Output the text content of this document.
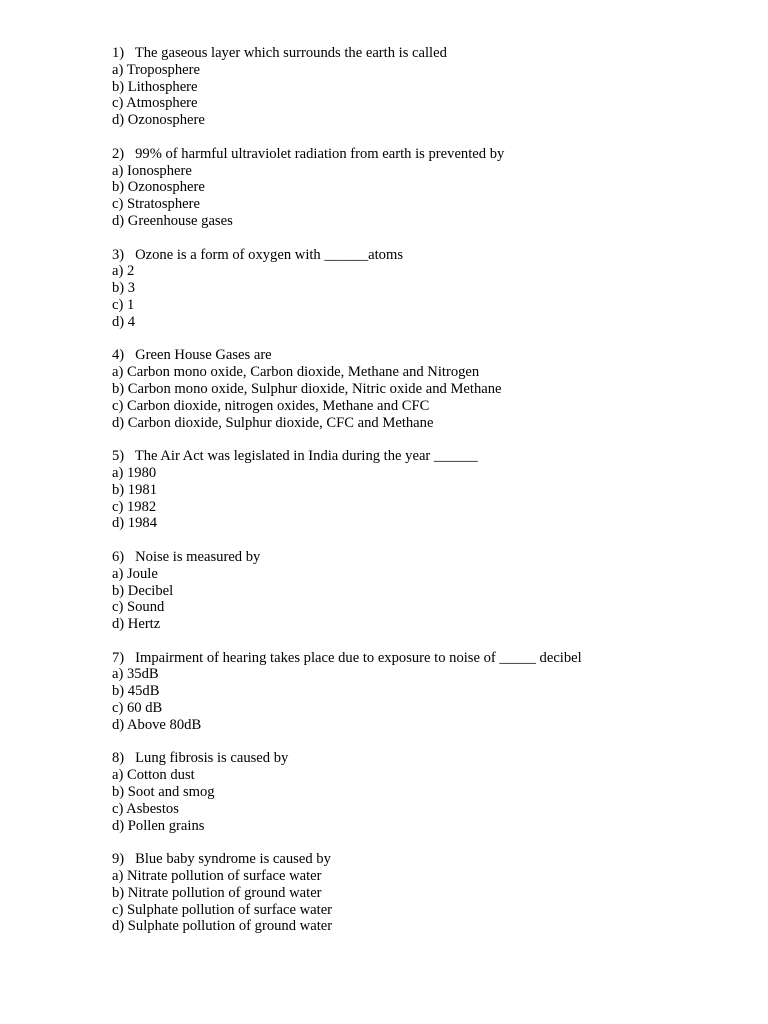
1)   The gaseous layer which surrounds the earth is called
a) Troposphere
b) Lithosphere
c) Atmosphere
d) Ozonosphere
2)   99% of harmful ultraviolet radiation from earth is prevented by
a) Ionosphere
b) Ozonosphere
c) Stratosphere
d) Greenhouse gases
3)   Ozone is a form of oxygen with ______atoms
a) 2
b) 3
c) 1
d) 4
4)   Green House Gases are
a) Carbon mono oxide, Carbon dioxide, Methane and Nitrogen
b) Carbon mono oxide, Sulphur dioxide, Nitric oxide and Methane
c) Carbon dioxide, nitrogen oxides, Methane and CFC
d) Carbon dioxide, Sulphur dioxide, CFC and Methane
5)   The Air Act was legislated in India during the year ______
a) 1980
b) 1981
c) 1982
d) 1984
6)   Noise is measured by
a) Joule
b) Decibel
c) Sound
d) Hertz
7)   Impairment of hearing takes place due to exposure to noise of _____ decibel
a) 35dB
b) 45dB
c) 60 dB
d) Above 80dB
8)   Lung fibrosis is caused by
a) Cotton dust
b) Soot and smog
c) Asbestos
d) Pollen grains
9)   Blue baby syndrome is caused by
a) Nitrate pollution of surface water
b) Nitrate pollution of ground water
c) Sulphate pollution of surface water
d) Sulphate pollution of ground water
